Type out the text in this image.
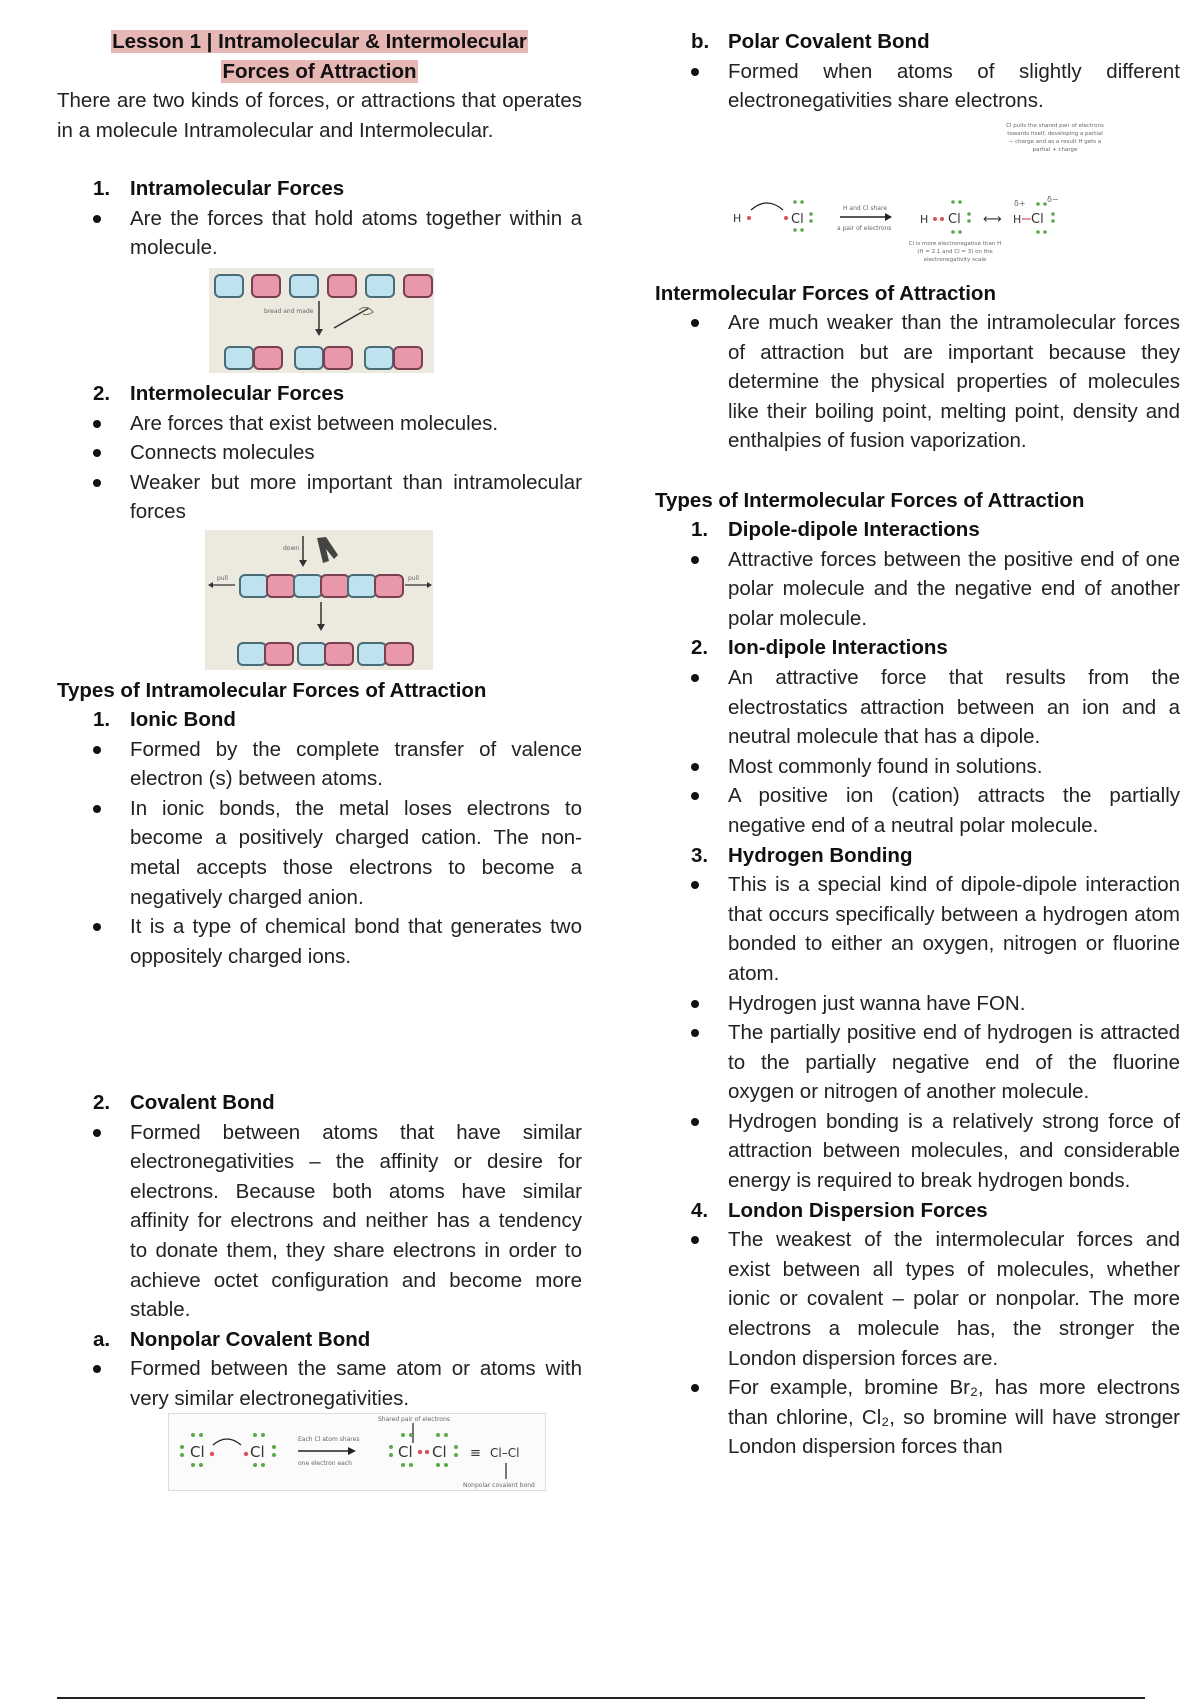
Lesson 1 | Intramolecular & Intermolecular
Forces of Attraction
There are two kinds of forces, or attractions that operates in a molecule Intramolecular and Intermolecular.
1. Intramolecular Forces
Are the forces that hold atoms together within a molecule.
bread and made
2. Intermolecular Forces
Are forces that exist between molecules.
Connects molecules
Weaker but more important than intramolecular forces
down
pull	pull
Types of Intramolecular Forces of Attraction
1. Ionic Bond
Formed by the complete transfer of valence electron (s) between atoms.
In ionic bonds, the metal loses electrons to become a positively charged cation. The non-metal accepts those electrons to become a negatively charged anion.
It is a type of chemical bond that generates two oppositely charged ions.
2. Covalent Bond
Formed between atoms that have similar electronegativities – the affinity or desire for electrons. Because both atoms have similar affinity for electrons and neither has a tendency to donate them, they share electrons in order to achieve octet configuration and become more stable.
a. Nonpolar Covalent Bond
Formed between the same atom or atoms with very similar electronegativities.
Cl	Cl
Each Cl atom shares
one electron each
Shared pair of electrons
Cl Cl ≡ Cl–Cl
Nonpolar covalent bond
b. Polar Covalent Bond
Formed when atoms of slightly different electronegativities share electrons.
H	Cl
H and Cl share
a pair of electrons
H Cl ⟷ H Cl
δ+	δ−
Cl pulls the shared pair of electrons towards itself, developing a partial − charge and as a result H gets a partial + charge
Cl is more electronegative than H (H = 2.1 and Cl = 3) on the electronegativity scale
Intermolecular Forces of Attraction
Are much weaker than the intramolecular forces of attraction but are important because they determine the physical properties of molecules like their boiling point, melting point, density and enthalpies of fusion vaporization.
Types of Intermolecular Forces of Attraction
1. Dipole-dipole Interactions
Attractive forces between the positive end of one polar molecule and the negative end of another polar molecule.
2. Ion-dipole Interactions
An attractive force that results from the electrostatics attraction between an ion and a neutral molecule that has a dipole.
Most commonly found in solutions.
A positive ion (cation) attracts the partially negative end of a neutral polar molecule.
3. Hydrogen Bonding
This is a special kind of dipole-dipole interaction that occurs specifically between a hydrogen atom bonded to either an oxygen, nitrogen or fluorine atom.
Hydrogen just wanna have FON.
The partially positive end of hydrogen is attracted to the partially negative end of the fluorine oxygen or nitrogen of another molecule.
Hydrogen bonding is a relatively strong force of attraction between molecules, and considerable energy is required to break hydrogen bonds.
4. London Dispersion Forces
The weakest of the intermolecular forces and exist between all types of molecules, whether ionic or covalent – polar or nonpolar. The more electrons a molecule has, the stronger the London dispersion forces are.
For example, bromine Br₂, has more electrons than chlorine, Cl₂, so bromine will have stronger London dispersion forces than
